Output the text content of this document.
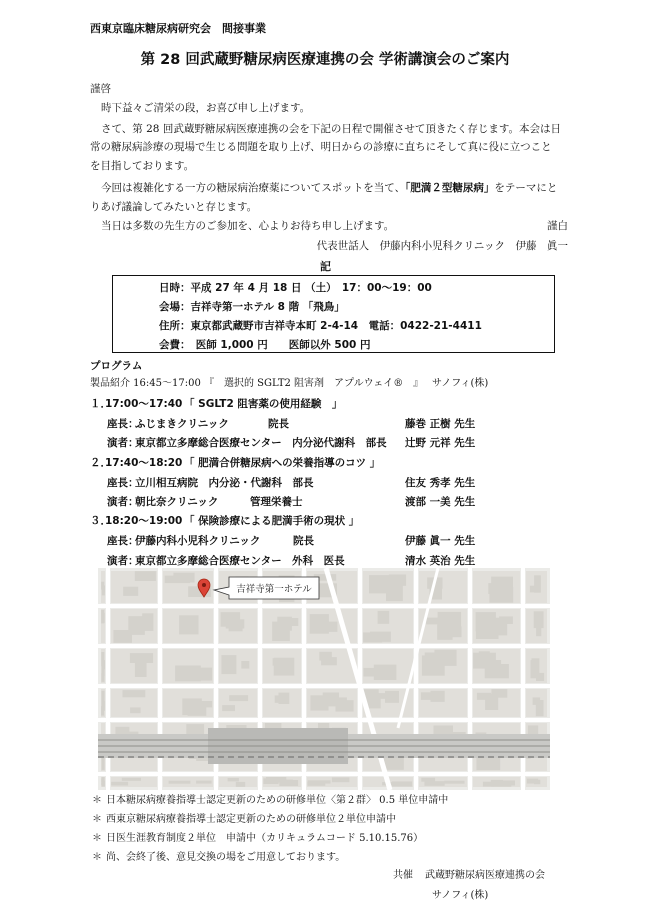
西東京臨床糖尿病研究会　間接事業
第 28 回武蔵野糖尿病医療連携の会 学術講演会のご案内
謹啓
時下益々ご清栄の段，お喜び申し上げます。
さて、第 28 回武蔵野糖尿病医療連携の会を下記の日程で開催させて頂きたく存じます。本会は日
常の糖尿病診療の現場で生じる問題を取り上げ、明日からの診療に直ちにそして真に役に立つこと
を目指しております。
今回は複雑化する一方の糖尿病治療薬についてスポットを当て、「肥満２型糖尿病」をテーマにと
りあげ議論してみたいと存じます。
当日は多数の先生方のご参加を、心よりお待ち申し上げます。	謹白
代表世話人　伊藤内科小児科クリニック　伊藤　眞一
記
日時：平成 27 年 4 月 18 日 （土）　17：00〜19：00
会場：吉祥寺第一ホテル 8 階 「飛鳥」
住所：東京都武蔵野市吉祥寺本町 2-4-14　電話：0422-21-4411
会費：　医師 1,000 円　　医師以外 500 円
プログラム
製品紹介 16:45〜17:00 『　選択的 SGLT2 阻害剤　アプルウェイ®　』 サノフィ(株)
１．
17:00〜17:40 「 SGLT2 阻害薬の使用経験　」
座長：
ふじまきクリニック	院長	藤巻 正樹 先生
演者：
東京都立多摩総合医療センター　内分泌代謝科　部長 辻野 元祥 先生
２．
17:40〜18:20 「 肥満合併糖尿病への栄養指導のコツ 」
座長：
立川相互病院　内分泌・代謝科　部長	住友 秀孝 先生
演者：
朝比奈クリニック	管理栄養士	渡部 一美 先生
３．
18:20〜19:00 「 保険診療による肥満手術の現状 」
座長：
伊藤内科小児科クリニック	院長	伊藤 眞一 先生
演者：
東京都立多摩総合医療センター　外科　医長	清水 英治 先生
吉祥寺第一ホテル
＊ 日本糖尿病療養指導士認定更新のための研修単位〈第２群〉 0.5 単位申請中
＊ 西東京糖尿病療養指導士認定更新のための研修単位２単位申請中
＊ 日医生涯教育制度２単位　申請中（カリキュラムコード 5.10.15.76）
＊ 尚、会終了後、意見交換の場をご用意しております。
共催 武蔵野糖尿病医療連携の会
サノフィ(株)
